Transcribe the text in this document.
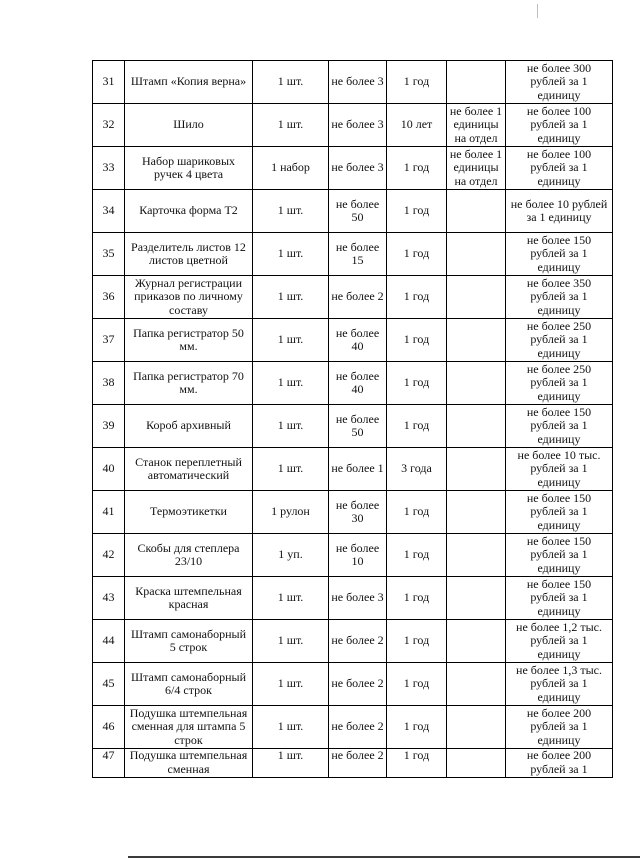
31	Штамп «Копия верна»	1 шт.	не более 3	1 год		не более 300 рублей за 1 единицу
32	Шило	1 шт.	не более 3	10 лет	не более 1 единицы на отдел	не более 100 рублей за 1 единицу
33	Набор шариковых ручек 4 цвета	1 набор	не более 3	1 год	не более 1 единицы на отдел	не более 100 рублей за 1 единицу
34	Карточка форма Т2	1 шт.	не более 50	1 год		не более 10 рублей за 1 единицу
35	Разделитель листов 12 листов цветной	1 шт.	не более 15	1 год		не более 150 рублей за 1 единицу
36	Журнал регистрации приказов по личному составу	1 шт.	не более 2	1 год		не более 350 рублей за 1 единицу
37	Папка регистратор 50 мм.	1 шт.	не более 40	1 год		не более 250 рублей за 1 единицу
38	Папка регистратор 70 мм.	1 шт.	не более 40	1 год		не более 250 рублей за 1 единицу
39	Короб архивный	1 шт.	не более 50	1 год		не более 150 рублей за 1 единицу
40	Станок переплетный автоматический	1 шт.	не более 1	3 года		не более 10 тыс. рублей за 1 единицу
41	Термоэтикетки	1 рулон	не более 30	1 год		не более 150 рублей за 1 единицу
42	Скобы для степлера 23/10	1 уп.	не более 10	1 год		не более 150 рублей за 1 единицу
43	Краска штемпельная красная	1 шт.	не более 3	1 год		не более 150 рублей за 1 единицу
44	Штамп самонаборный 5 строк	1 шт.	не более 2	1 год		не более 1,2 тыс. рублей за 1 единицу
45	Штамп самонаборный 6/4 строк	1 шт.	не более 2	1 год		не более 1,3 тыс. рублей за 1 единицу
46	Подушка штемпельная сменная для штампа 5 строк	1 шт.	не более 2	1 год		не более 200 рублей за 1 единицу
47	Подушка штемпельная сменная	1 шт.	не более 2	1 год		не более 200 рублей за 1
